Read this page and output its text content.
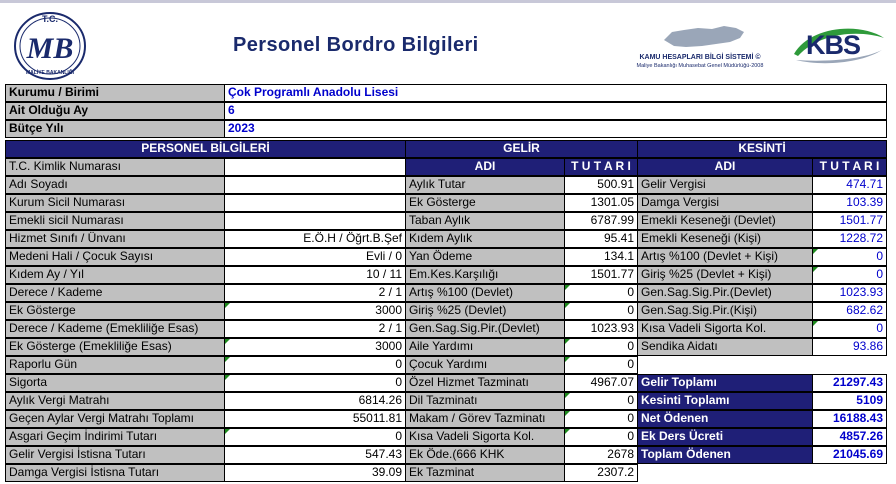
T.C.
MB
MALİYE BAKANLIĞI
Personel Bordro Bilgileri
KAMU HESAPLARI BİLGİ SİSTEMİ ©
Maliye Bakanlığı Muhasebat Genel Müdürlüğü-2008
KBS
Kurumu / Birimi	Çok Programlı Anadolu Lisesi
Ait Olduğu Ay	6
Bütçe Yılı	2023
PERSONEL BİLGİLERİ	GELİR	KESİNTİ
ADI	T U T A R I	ADI	T U T A R I
T.C. Kimlik Numarası
Adı Soyadı
Kurum Sicil Numarası
Emekli sicil Numarası
Hizmet Sınıfı / Ünvanı	E.Ö.H / Öğrt.B.Şef
Medeni Hali / Çocuk Sayısı	Evli / 0
Kıdem Ay / Yıl	10 / 11
Derece / Kademe	2 / 1
Ek Gösterge	3000
Derece / Kademe (Emekliliğe Esas)	2 / 1
Ek Gösterge (Emekliliğe Esas)	3000
Raporlu Gün	0
Sigorta	0
Aylık Vergi Matrahı	6814.26
Geçen Aylar Vergi Matrahı Toplamı	55011.81
Asgari Geçim İndirimi Tutarı	0
Gelir Vergisi İstisna Tutarı	547.43
Damga Vergisi İstisna Tutarı	39.09
Aylık Tutar	500.91
Ek Gösterge	1301.05
Taban Aylık	6787.99
Kıdem Aylık	95.41
Yan Ödeme	134.1
Em.Kes.Karşılığı	1501.77
Artış %100 (Devlet)	0
Giriş %25 (Devlet)	0
Gen.Sag.Sig.Pir.(Devlet)	1023.93
Aile Yardımı	0
Çocuk Yardımı	0
Özel Hizmet Tazminatı	4967.07
Dil Tazminatı	0
Makam / Görev Tazminatı	0
Kısa Vadeli Sigorta Kol.	0
Ek Öde.(666 KHK	2678
Ek Tazminat	2307.2
Gelir Vergisi	474.71
Damga Vergisi	103.39
Emekli Keseneği (Devlet)	1501.77
Emekli Keseneği (Kişi)	1228.72
Artış %100 (Devlet + Kişi)	0
Giriş %25 (Devlet + Kişi)	0
Gen.Sag.Sig.Pir.(Devlet)	1023.93
Gen.Sag.Sig.Pir.(Kişi)	682.62
Kısa Vadeli Sigorta Kol.	0
Sendika Aidatı	93.86
Gelir Toplamı	21297.43
Kesinti Toplamı	5109
Net Ödenen	16188.43
Ek Ders Ücreti	4857.26
Toplam Ödenen	21045.69
